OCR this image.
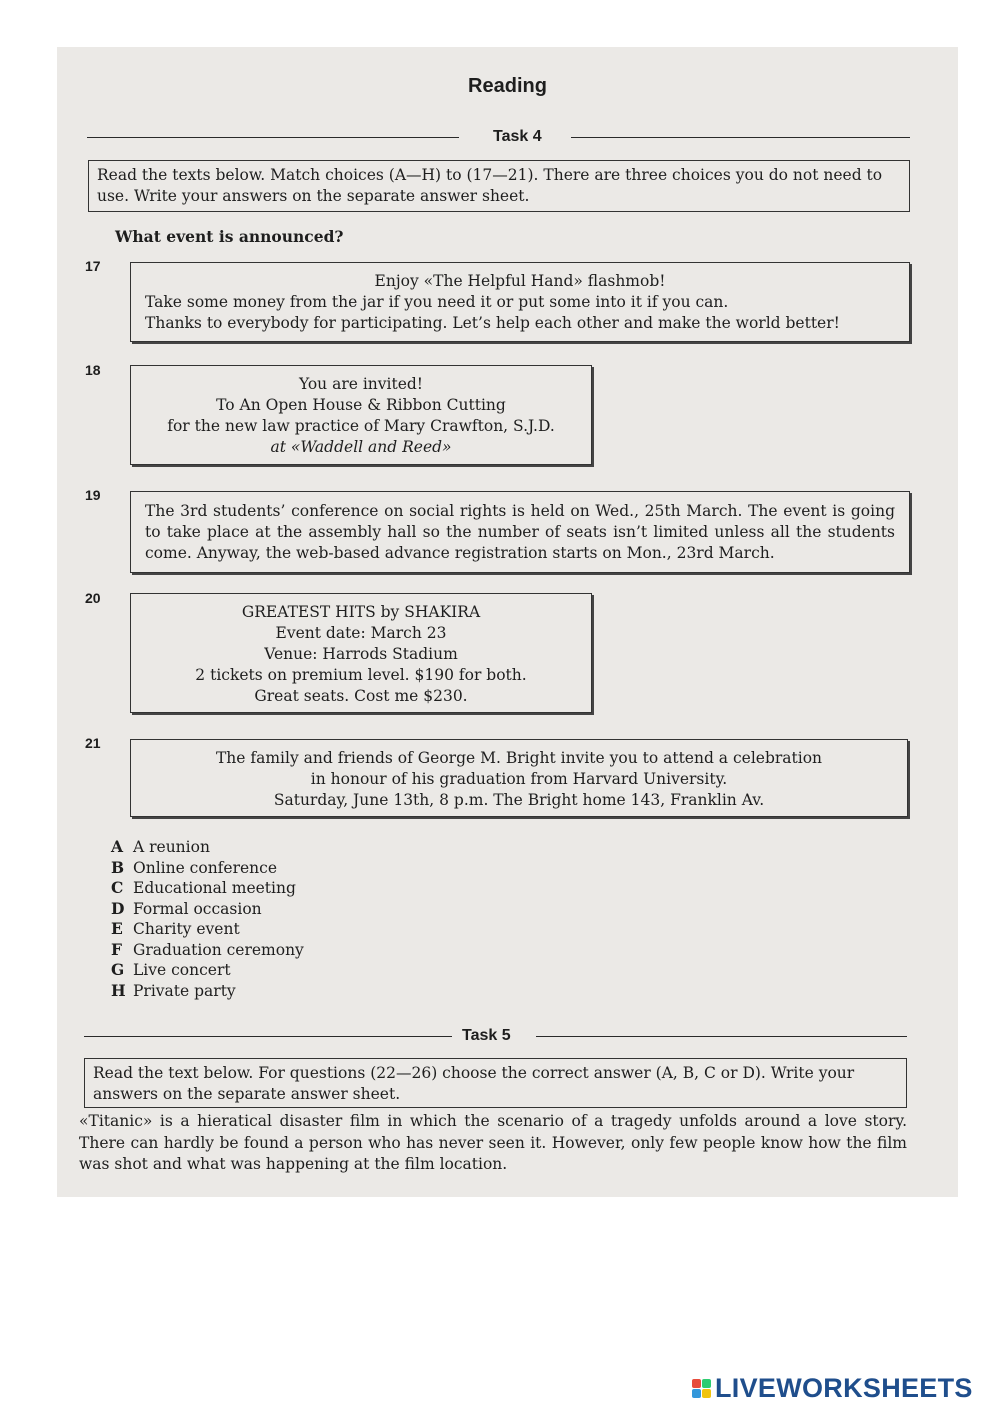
Reading
Task 4
Read the texts below. Match choices (A—H) to (17—21). There are three choices you do not need to use. Write your answers on the separate answer sheet.
What event is announced?
17
Enjoy «The Helpful Hand» flashmob!
Take some money from the jar if you need it or put some into it if you can.
Thanks to everybody for participating. Let’s help each other and make the world better!
18
You are invited!
To An Open House & Ribbon Cutting
for the new law practice of Mary Crawfton, S.J.D.
at «Waddell and Reed»
19
The 3rd students’ conference on social rights is held on Wed., 25th March. The event is going to take place at the assembly hall so the number of seats isn’t limited unless all the students come. Anyway, the web-based advance registration starts on Mon., 23rd March.
20
GREATEST HITS by SHAKIRA
Event date: March 23
Venue: Harrods Stadium
2 tickets on premium level. $190 for both.
Great seats. Cost me $230.
21
The family and friends of George M. Bright invite you to attend a celebration
in honour of his graduation from Harvard University.
Saturday, June 13th, 8 p.m. The Bright home 143, Franklin Av.
A A reunion
B Online conference
C Educational meeting
D Formal occasion
E Charity event
F Graduation ceremony
G Live concert
H Private party
Task 5
Read the text below. For questions (22—26) choose the correct answer (A, B, C or D). Write your answers on the separate answer sheet.
«Titanic» is a hieratical disaster film in which the scenario of a tragedy unfolds around a love story. There can hardly be found a person who has never seen it. However, only few people know how the film was shot and what was happening at the film location.
LIVEWORKSHEETS
